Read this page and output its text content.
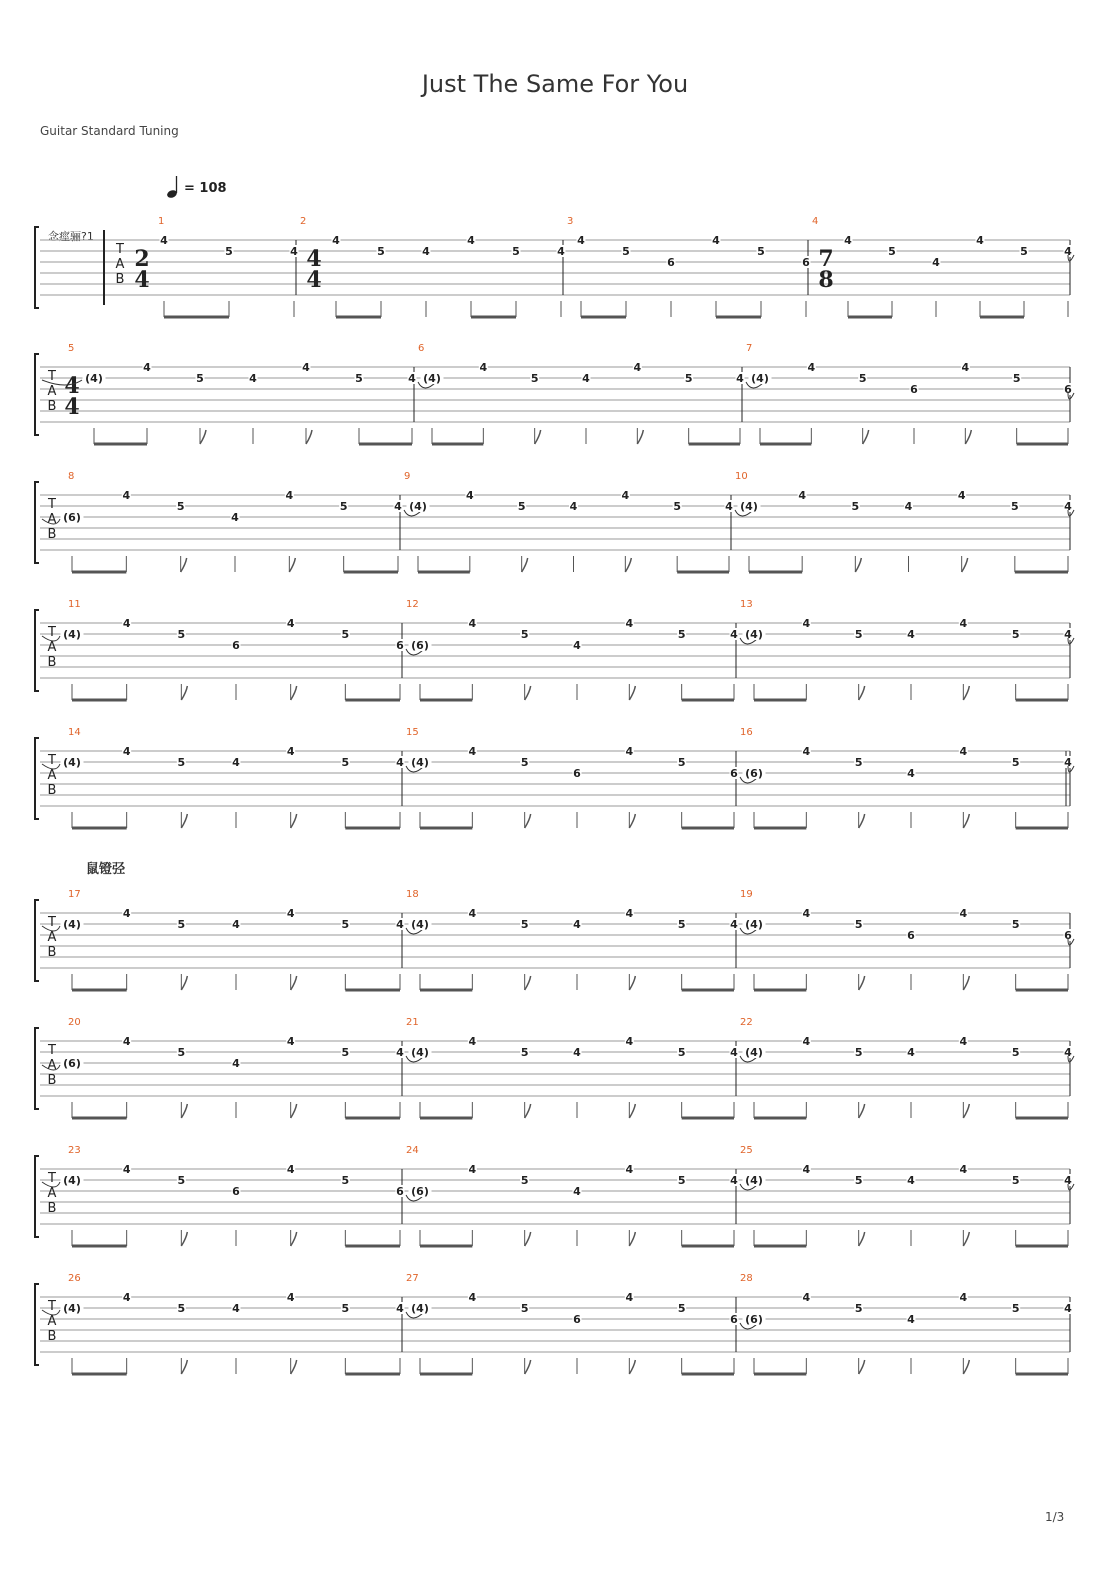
Just The Same For You
Guitar Standard Tuning
鼠镫弪
1/3
= 108
念痙骊?1
T
A
B
1
2
4
4
5	4
2
4
4
4
5	4
4
5	4
3
4
5
6
4
5
6
4
7
8
4
5
4
4
5	4
T
A
B
5
4
4
(4)
4
5	4
4
5	4
6
(4)
4
5	4
4
5	4
7
(4)
4
5
6
4
5
6
T
A
B
8
(6)
4
5
4
4
5	4
9
(4)
4
5	4
4
5	4
10
(4)
4
5	4
4
5	4
T
A
B
11
(4)
4
5
6
4
5
6
12
(6)
4
5
4
4
5	4
13
(4)
4
5	4
4
5	4
T
A
B
14
(4)
4
5	4
4
5	4
15
(4)
4
5
6
4
5
6
16
(6)
4
5
4
4
5	4
T
A
B
17
(4)
4
5	4
4
5	4
18
(4)
4
5	4
4
5	4
19
(4)
4
5
6
4
5
6
T
A
B
20
(6)
4
5
4
4
5	4
21
(4)
4
5	4
4
5	4
22
(4)
4
5	4
4
5	4
T
A
B
23
(4)
4
5
6
4
5
6
24
(6)
4
5
4
4
5	4
25
(4)
4
5	4
4
5	4
T
A
B
26
(4)
4
5	4
4
5	4
27
(4)
4
5
6
4
5
6
28
(6)
4
5
4
4
5	4
